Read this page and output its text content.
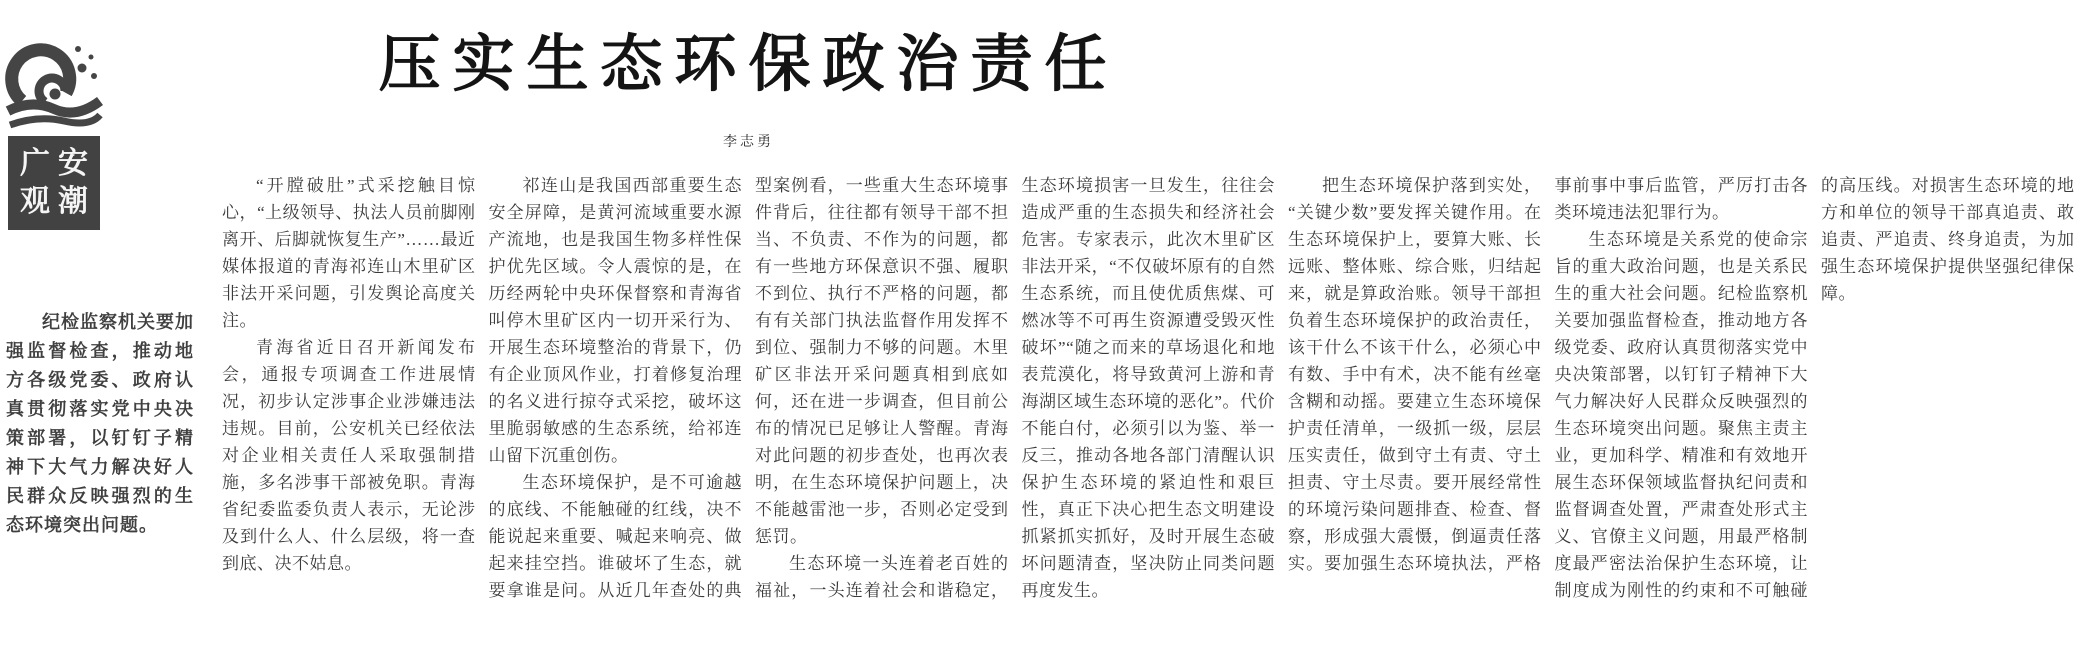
广安
观潮
纪检监察机关要加强监督检查，推动地方各级党委、政府认真贯彻落实党中央决策部署，以钉钉子精神下大气力解决好人民群众反映强烈的生态环境突出问题。
压实生态环保政治责任
李志勇

“开膛破肚”式采挖触目惊心，“上级领导、执法人员前脚刚离开、后脚就恢复生产”……最近媒体报道的青海祁连山木里矿区非法开采问题，引发舆论高度关注。

青海省近日召开新闻发布会，通报专项调查工作进展情况，初步认定涉事企业涉嫌违法违规。目前，公安机关已经依法对企业相关责任人采取强制措施，多名涉事干部被免职。青海省纪委监委负责人表示，无论涉及到什么人、什么层级，将一查到底、决不姑息。

祁连山是我国西部重要生态安全屏障，是黄河流域重要水源产流地，也是我国生物多样性保护优先区域。令人震惊的是，在历经两轮中央环保督察和青海省叫停木里矿区内一切开采行为、开展生态环境整治的背景下，仍有企业顶风作业，打着修复治理的名义进行掠夺式采挖，破坏这里脆弱敏感的生态系统，给祁连山留下沉重创伤。

生态环境保护，是不可逾越的底线、不能触碰的红线，决不能说起来重要、喊起来响亮、做起来挂空挡。谁破坏了生态，就要拿谁是问。从近几年查处的典型案例看，一些重大生态环境事件背后，往往都有领导干部不担当、不负责、不作为的问题，都有一些地方环保意识不强、履职不到位、执行不严格的问题，都有有关部门执法监督作用发挥不到位、强制力不够的问题。木里矿区非法开采问题真相到底如何，还在进一步调查，但目前公布的情况已足够让人警醒。青海对此问题的初步查处，也再次表明，在生态环境保护问题上，决不能越雷池一步，否则必定受到惩罚。

生态环境一头连着老百姓的福祉，一头连着社会和谐稳定，生态环境损害一旦发生，往往会造成严重的生态损失和经济社会危害。专家表示，此次木里矿区非法开采，“不仅破坏原有的自然生态系统，而且使优质焦煤、可燃冰等不可再生资源遭受毁灭性破坏”“随之而来的草场退化和地表荒漠化，将导致黄河上游和青海湖区域生态环境的恶化”。代价不能白付，必须引以为鉴、举一反三，推动各地各部门清醒认识保护生态环境的紧迫性和艰巨性，真正下决心把生态文明建设抓紧抓实抓好，及时开展生态破坏问题清查，坚决防止同类问题再度发生。

把生态环境保护落到实处，“关键少数”要发挥关键作用。在生态环境保护上，要算大账、长远账、整体账、综合账，归结起来，就是算政治账。领导干部担负着生态环境保护的政治责任，该干什么不该干什么，必须心中有数、手中有术，决不能有丝毫含糊和动摇。要建立生态环境保护责任清单，一级抓一级，层层压实责任，做到守土有责、守土担责、守土尽责。要开展经常性的环境污染问题排查、检查、督察，形成强大震慑，倒逼责任落实。要加强生态环境执法，严格事前事中事后监管，严厉打击各类环境违法犯罪行为。

生态环境是关系党的使命宗旨的重大政治问题，也是关系民生的重大社会问题。纪检监察机关要加强监督检查，推动地方各级党委、政府认真贯彻落实党中央决策部署，以钉钉子精神下大气力解决好人民群众反映强烈的生态环境突出问题。聚焦主责主业，更加科学、精准和有效地开展生态环保领域监督执纪问责和监督调查处置，严肃查处形式主义、官僚主义问题，用最严格制度最严密法治保护生态环境，让制度成为刚性的约束和不可触碰的高压线。对损害生态环境的地方和单位的领导干部真追责、敢追责、严追责、终身追责，为加强生态环境保护提供坚强纪律保障。
